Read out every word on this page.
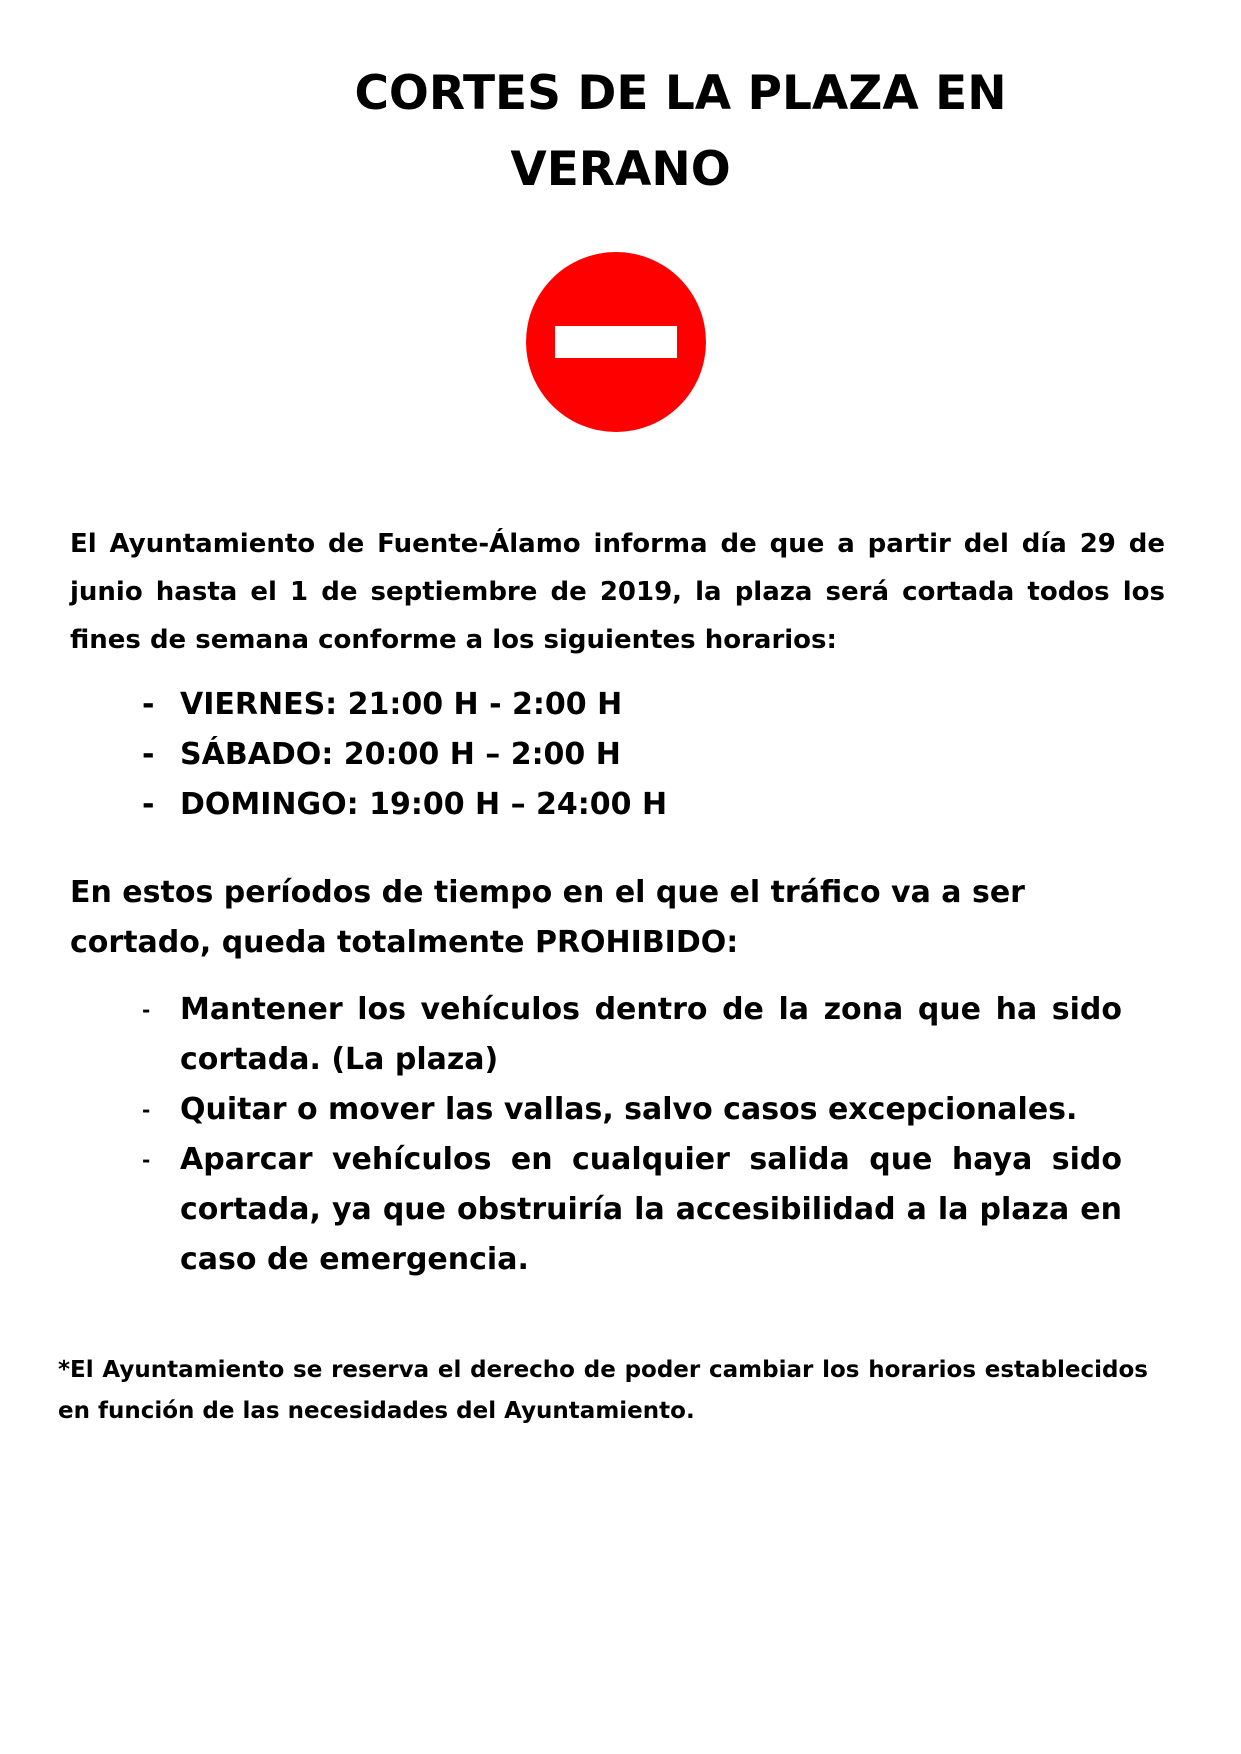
CORTES DE LA PLAZA EN
VERANO

El Ayuntamiento de Fuente-Álamo informa de que a partir del día 29 de junio hasta el 1 de septiembre de 2019, la plaza será cortada todos los fines de semana conforme a los siguientes horarios:

- VIERNES: 21:00 H - 2:00 H
- SÁBADO: 20:00 H – 2:00 H
- DOMINGO: 19:00 H – 24:00 H

En estos períodos de tiempo en el que el tráfico va a ser cortado, queda totalmente PROHIBIDO:

- Mantener los vehículos dentro de la zona que ha sido cortada. (La plaza)
- Quitar o mover las vallas, salvo casos excepcionales.
- Aparcar vehículos en cualquier salida que haya sido cortada, ya que obstruiría la accesibilidad a la plaza en caso de emergencia.

*El Ayuntamiento se reserva el derecho de poder cambiar los horarios establecidos en función de las necesidades del Ayuntamiento.
